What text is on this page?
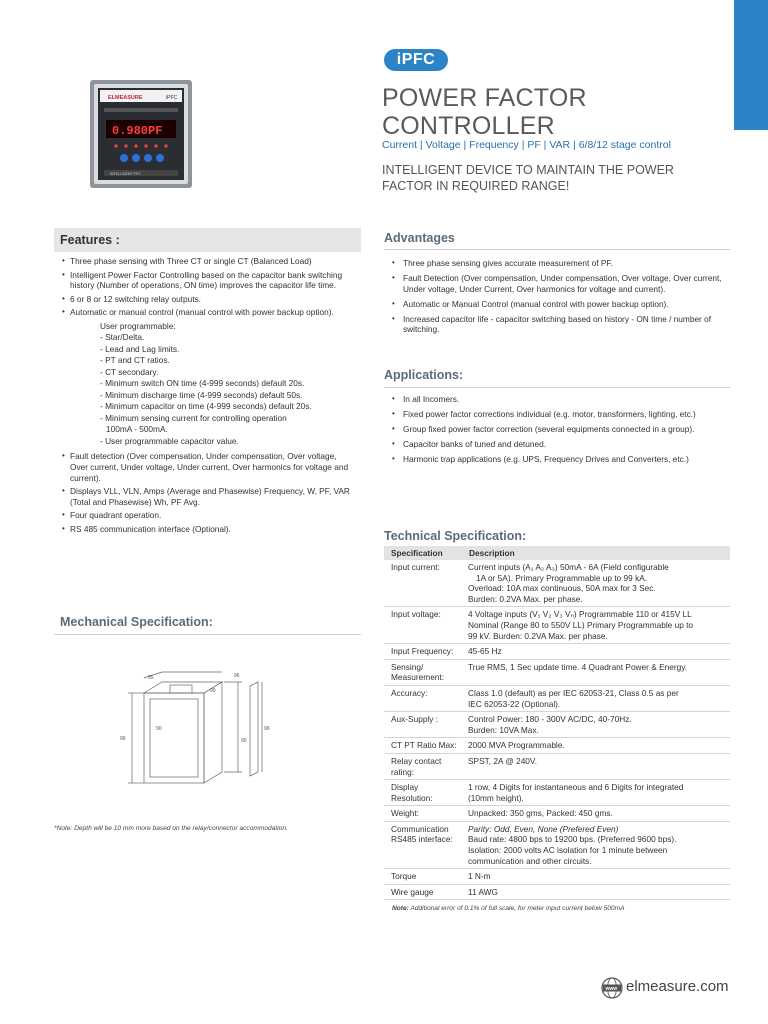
ELMEASURE	iPFC
0.980PF
INTELLIGENT PFC
iPFC
POWER FACTOR
CONTROLLER
Current | Voltage | Frequency | PF | VAR | 6/8/12 stage control
INTELLIGENT DEVICE TO MAINTAIN THE POWER FACTOR IN REQUIRED RANGE!
Features :
• Three phase sensing with Three CT or single CT (Balanced Load)
• Intelligent Power Factor Controlling based on the capacitor bank switching history (Number of operations, ON time) improves the capacitor life time.
• 6 or 8 or 12 switching relay outputs.
• Automatic or manual control (manual control with power backup option).
User programmable:
- Star/Delta.
- Lead and Lag limits.
- PT and CT ratios.
- CT secondary.
- Minimum switch ON time (4-999 seconds) default 20s.
- Minimum discharge time (4-999 seconds) default 50s.
- Minimum capacitor on time (4-999 seconds) default 20s.
- Minimum sensing current for controlling operation
100mA - 500mA.
- User programmable capacitor value.
• Fault detection (Over compensation, Under compensation, Over voltage, Over current, Under voltage, Under current, Over harmonics for voltage and current).
• Displays VLL, VLN, Amps (Average and Phasewise) Frequency, W, PF, VAR (Total and Phasewise) Wh, PF Avg.
• Four quadrant operation.
• RS 485 communication interface (Optional).
Advantages
• Three phase sensing gives accurate measurement of PF.
• Fault Detection (Over compensation, Under compensation, Over voltage, Over current, Under voltage, Under Current, Over harmonics for voltage and current).
• Automatic or Manual Control (manual control with power backup option).
• Increased capacitor life - capacitor switching based on history - ON time / number of switching.
Applications:
• In all Incomers.
• Fixed power factor corrections individual (e.g. motor, transformers, lighting, etc.)
• Group fixed power factor correction (several equipments connected in a group).
• Capacitor banks of tuned and detuned.
• Harmonic trap applications (e.g. UPS, Frequency Drives and Converters, etc.)
Technical Specification:
Specification	Description
Input current:	Current inputs (A₁ A₂ A₃) 50mA - 6A (Field configurable
1A or 5A). Primary Programmable up to 99 kA.
Overload: 10A max continuous, 50A max for 3 Sec.
Burden: 0.2VA Max. per phase.

Input voltage:	4 Voltage inputs (V₁ V₂ V₃ Vₙ) Programmable 110 or 415V LL
Nominal (Range 80 to 550V LL) Primary Programmable up to
99 kV. Burden: 0.2VA Max. per phase.

Input Frequency:	45-65 Hz

Sensing/ Measurement:	True RMS, 1 Sec update time. 4 Quadrant Power & Energy.

Accuracy:	Class 1.0 (default) as per IEC 62053-21, Class 0.5 as per
IEC 62053-22 (Optional).

Aux-Supply :	Control Power: 180 - 300V AC/DC, 40-70Hz.
Burden: 10VA Max.

CT PT Ratio Max:	2000 MVA Programmable.

Relay contact rating:	SPST, 2A @ 240V.

Display Resolution:	1 row, 4 Digits for instantaneous and 6 Digits for integrated
(10mm height).

Weight:	Unpacked: 350 gms, Packed: 450 gms.

Communication RS485 interface:	Parity: Odd, Even, None (Prefered Even)
Baud rate: 4800 bps to 19200 bps. (Preferred 9600 bps).
Isolation: 2000 volts AC isolation for 1 minute between
communication and other circuits.

Torque	1 N-m

Wire gauge	11 AWG
Note: Additional error of 0.1% of full scale, for meter input current below 500mA
Mechanical Specification:
55
96
90
96
90
90
96
*Note: Depth will be 10 mm more based on the relay/connector accommodation.
www elmeasure.com
